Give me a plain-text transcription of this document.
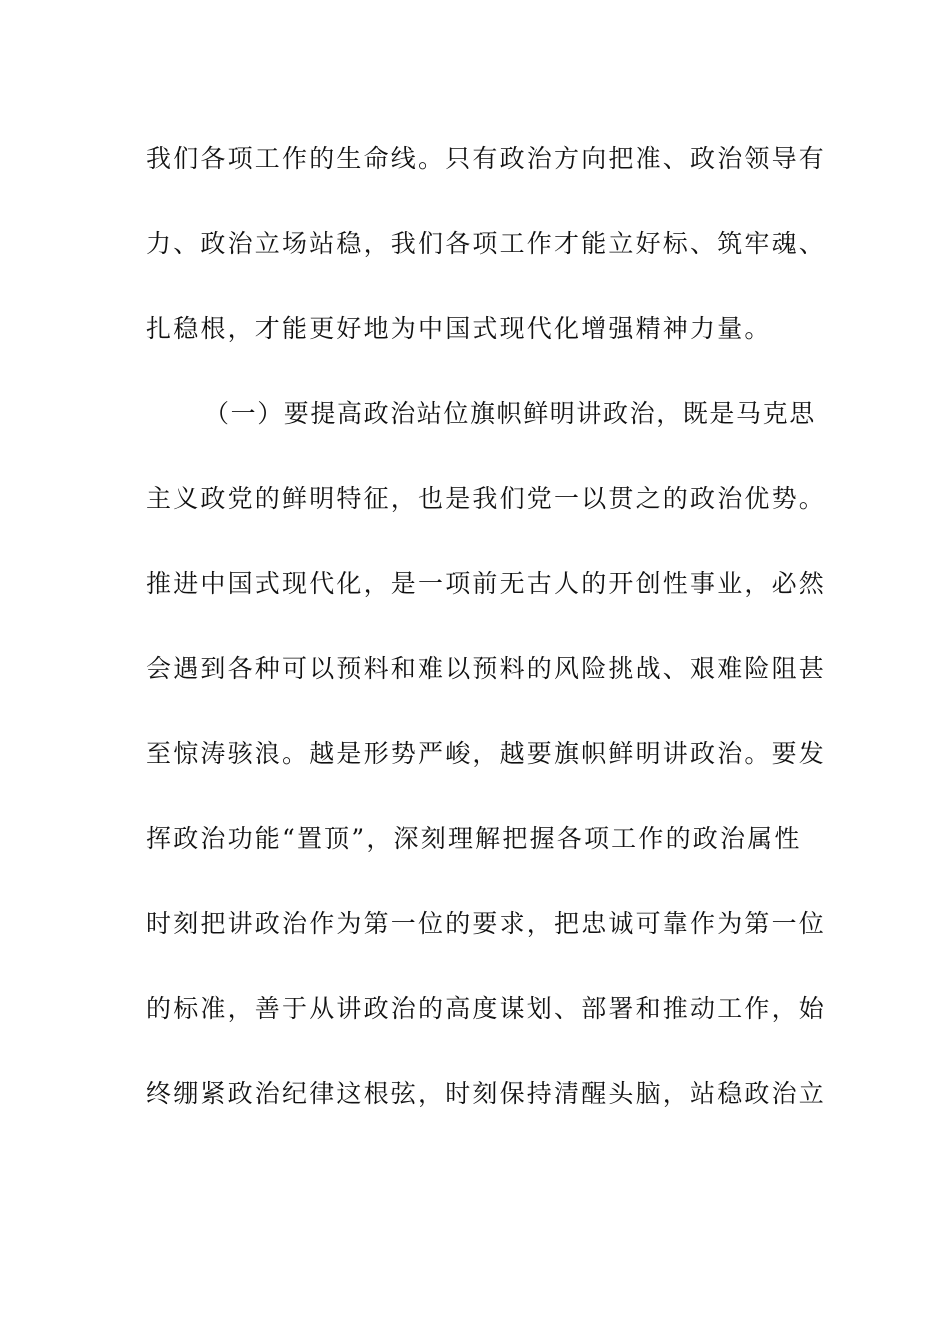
我们各项工作的生命线。只有政治方向把准、政治领导有
力、政治立场站稳，我们各项工作才能立好标、筑牢魂、
扎稳根，才能更好地为中国式现代化增强精神力量。
（一）要提高政治站位旗帜鲜明讲政治，既是马克思
主义政党的鲜明特征，也是我们党一以贯之的政治优势。
推进中国式现代化，是一项前无古人的开创性事业，必然
会遇到各种可以预料和难以预料的风险挑战、艰难险阻甚
至惊涛骇浪。越是形势严峻，越要旗帜鲜明讲政治。要发
挥政治功能“置顶”，深刻理解把握各项工作的政治属性
时刻把讲政治作为第一位的要求，把忠诚可靠作为第一位
的标准，善于从讲政治的高度谋划、部署和推动工作，始
终绷紧政治纪律这根弦，时刻保持清醒头脑，站稳政治立
